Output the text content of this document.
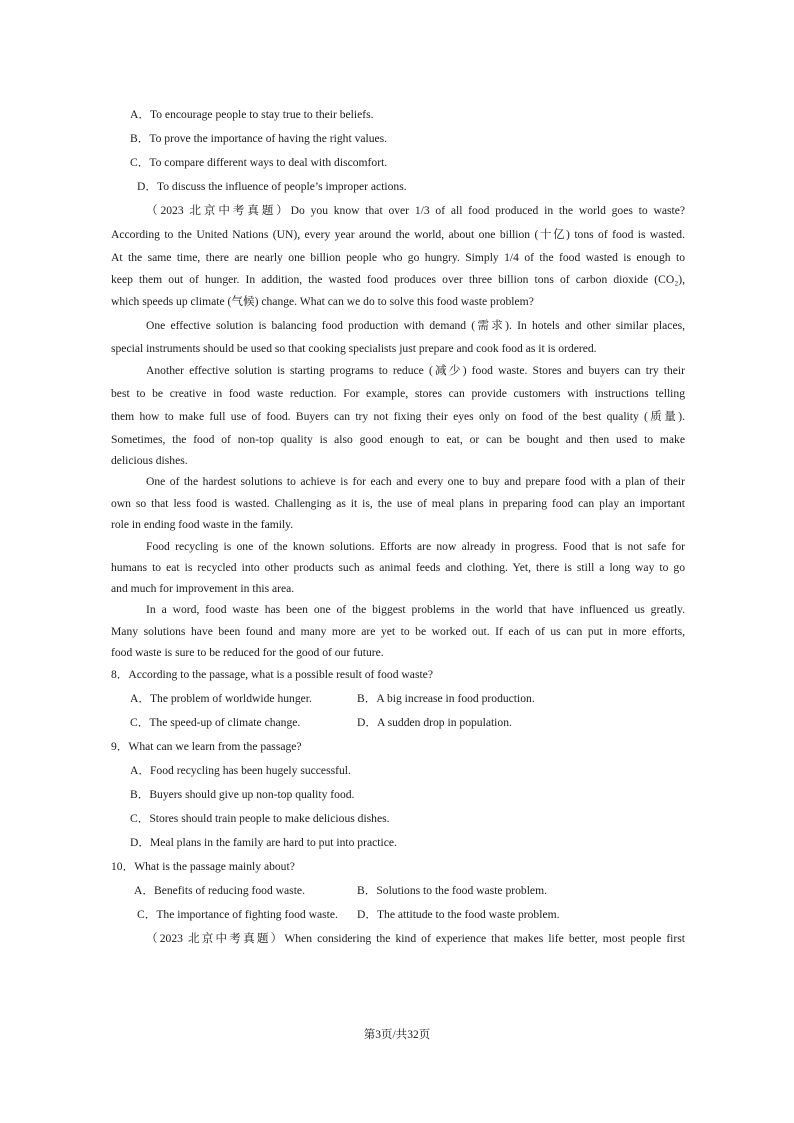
A．To encourage people to stay true to their beliefs.
B．To prove the importance of having the right values.
C．To compare different ways to deal with discomfort.
D．To discuss the influence of people’s improper actions.
（2023 北京中考真题）Do you know that over 1/3 of all food produced in the world goes to waste?
According to the United Nations (UN), every year around the world, about one billion (十亿) tons of food is wasted.
At the same time, there are nearly one billion people who go hungry. Simply 1/4 of the food wasted is enough to
keep them out of hunger. In addition, the wasted food produces over three billion tons of carbon dioxide (CO₂),
which speeds up climate (气候) change. What can we do to solve this food waste problem?
One effective solution is balancing food production with demand (需求). In hotels and other similar places,
special instruments should be used so that cooking specialists just prepare and cook food as it is ordered.
Another effective solution is starting programs to reduce (减少) food waste. Stores and buyers can try their
best to be creative in food waste reduction. For example, stores can provide customers with instructions telling
them how to make full use of food. Buyers can try not fixing their eyes only on food of the best quality (质量).
Sometimes, the food of non-top quality is also good enough to eat, or can be bought and then used to make
delicious dishes.
One of the hardest solutions to achieve is for each and every one to buy and prepare food with a plan of their
own so that less food is wasted. Challenging as it is, the use of meal plans in preparing food can play an important
role in ending food waste in the family.
Food recycling is one of the known solutions. Efforts are now already in progress. Food that is not safe for
humans to eat is recycled into other products such as animal feeds and clothing. Yet, there is still a long way to go
and much for improvement in this area.
In a word, food waste has been one of the biggest problems in the world that have influenced us greatly.
Many solutions have been found and many more are yet to be worked out. If each of us can put in more efforts,
food waste is sure to be reduced for the good of our future.
8．According to the passage, what is a possible result of food waste?
A．The problem of worldwide hunger.	B．A big increase in food production.
C．The speed-up of climate change.	D．A sudden drop in population.
9．What can we learn from the passage?
A．Food recycling has been hugely successful.
B．Buyers should give up non-top quality food.
C．Stores should train people to make delicious dishes.
D．Meal plans in the family are hard to put into practice.
10．What is the passage mainly about?
A．Benefits of reducing food waste.	B．Solutions to the food waste problem.
C．The importance of fighting food waste. D．The attitude to the food waste problem.
（2023 北京中考真题）When considering the kind of experience that makes life better, most people first
第3页/共32页
